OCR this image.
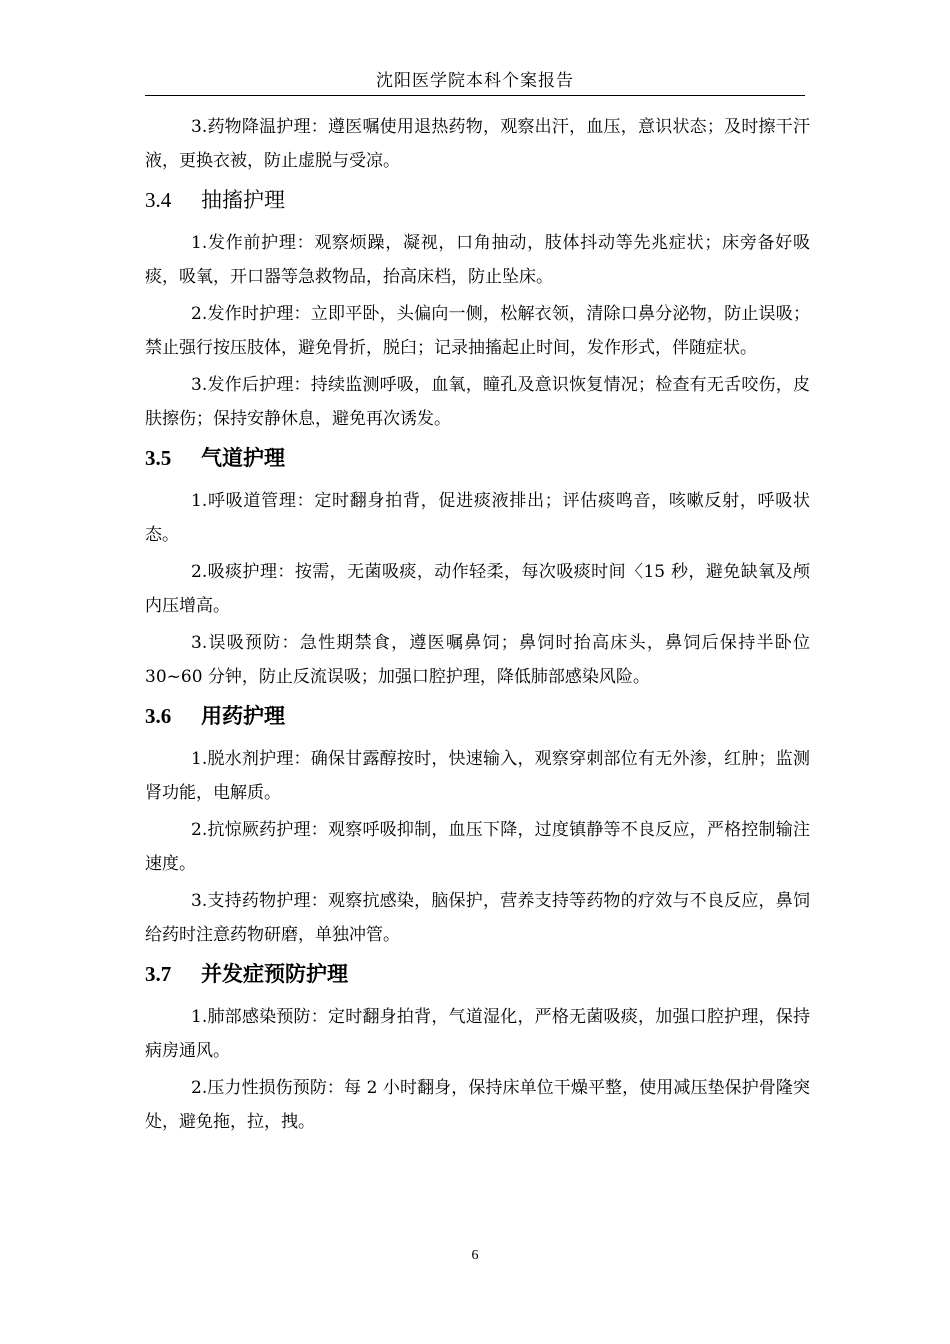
沈阳医学院本科个案报告

3.药物降温护理：遵医嘱使用退热药物，观察出汗，血压，意识状态；及时擦干汗液，更换衣被，防止虚脱与受凉。

3.4 抽搐护理

1.发作前护理：观察烦躁，凝视，口角抽动，肢体抖动等先兆症状；床旁备好吸痰，吸氧，开口器等急救物品，抬高床档，防止坠床。

2.发作时护理：立即平卧，头偏向一侧，松解衣领，清除口鼻分泌物，防止误吸；禁止强行按压肢体，避免骨折，脱臼；记录抽搐起止时间，发作形式，伴随症状。

3.发作后护理：持续监测呼吸，血氧，瞳孔及意识恢复情况；检查有无舌咬伤，皮肤擦伤；保持安静休息，避免再次诱发。

3.5 气道护理

1.呼吸道管理：定时翻身拍背，促进痰液排出；评估痰鸣音，咳嗽反射，呼吸状态。

2.吸痰护理：按需，无菌吸痰，动作轻柔，每次吸痰时间〈15 秒，避免缺氧及颅内压增高。

3.误吸预防：急性期禁食，遵医嘱鼻饲；鼻饲时抬高床头，鼻饲后保持半卧位 30~60 分钟，防止反流误吸；加强口腔护理，降低肺部感染风险。

3.6 用药护理

1.脱水剂护理：确保甘露醇按时，快速输入，观察穿刺部位有无外渗，红肿；监测肾功能，电解质。

2.抗惊厥药护理：观察呼吸抑制，血压下降，过度镇静等不良反应，严格控制输注速度。

3.支持药物护理：观察抗感染，脑保护，营养支持等药物的疗效与不良反应，鼻饲给药时注意药物研磨，单独冲管。

3.7 并发症预防护理

1.肺部感染预防：定时翻身拍背，气道湿化，严格无菌吸痰，加强口腔护理，保持病房通风。

2.压力性损伤预防：每 2 小时翻身，保持床单位干燥平整，使用减压垫保护骨隆突处，避免拖，拉，拽。

6
